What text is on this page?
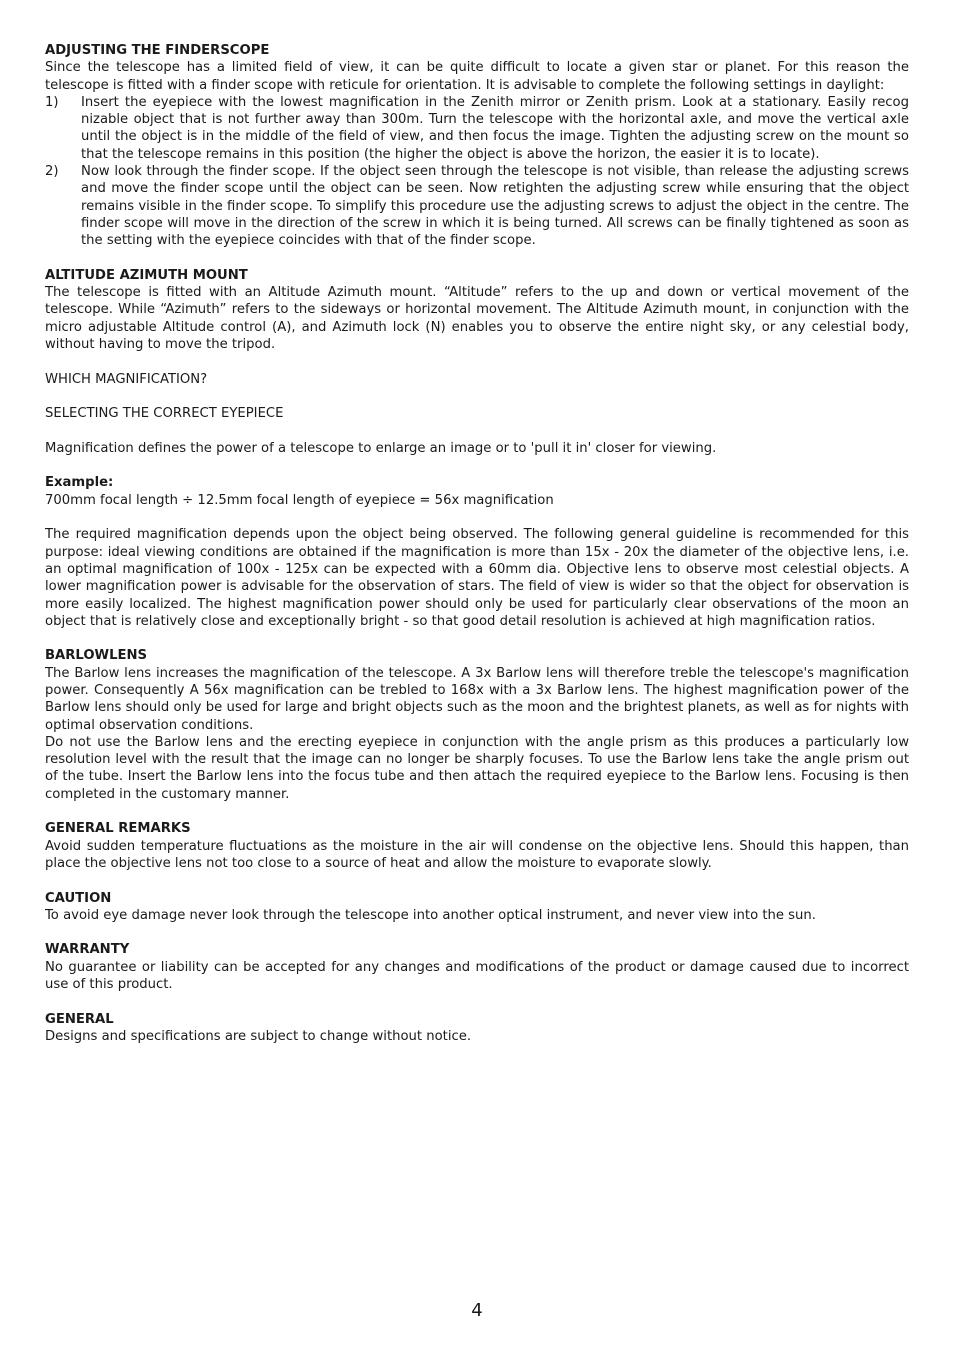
ADJUSTING THE FINDERSCOPE
Since the telescope has a limited field of view, it can be quite difficult to locate a given star or planet. For this reason the telescope is fitted with a finder scope with reticule for orientation. It is advisable to complete the following settings in daylight:
1) Insert the eyepiece with the lowest magnification in the Zenith mirror or Zenith prism. Look at a stationary. Easily recog nizable object that is not further away than 300m. Turn the telescope with the horizontal axle, and move the vertical axle until the object is in the middle of the field of view, and then focus the image. Tighten the adjusting screw on the mount so that the telescope remains in this position (the higher the object is above the horizon, the easier it is to locate).
2) Now look through the finder scope. If the object seen through the telescope is not visible, than release the adjusting screws and move the finder scope until the object can be seen. Now retighten the adjusting screw while ensuring that the object remains visible in the finder scope. To simplify this procedure use the adjusting screws to adjust the object in the centre. The finder scope will move in the direction of the screw in which it is being turned. All screws can be finally tightened as soon as the setting with the eyepiece coincides with that of the finder scope.
ALTITUDE AZIMUTH MOUNT
The telescope is fitted with an Altitude Azimuth mount. “Altitude” refers to the up and down or vertical movement of the telescope. While “Azimuth” refers to the sideways or horizontal movement. The Altitude Azimuth mount, in conjunction with the micro adjustable Altitude control (A), and Azimuth lock (N) enables you to observe the entire night sky, or any celestial body, without having to move the tripod.
WHICH MAGNIFICATION?
SELECTING THE CORRECT EYEPIECE
Magnification defines the power of a telescope to enlarge an image or to 'pull it in' closer for viewing.
Example:
700mm focal length ÷ 12.5mm focal length of eyepiece = 56x magnification
The required magnification depends upon the object being observed. The following general guideline is recommended for this purpose: ideal viewing conditions are obtained if the magnification is more than 15x - 20x the diameter of the objective lens, i.e. an optimal magnification of 100x - 125x can be expected with a 60mm dia. Objective lens to observe most celestial objects. A lower magnification power is advisable for the observation of stars. The field of view is wider so that the object for observation is more easily localized. The highest magnification power should only be used for particularly clear observations of the moon an object that is relatively close and exceptionally bright - so that good detail resolution is achieved at high magnification ratios.
BARLOWLENS
The Barlow lens increases the magnification of the telescope. A 3x Barlow lens will therefore treble the telescope's magnification power. Consequently A 56x magnification can be trebled to 168x with a 3x Barlow lens. The highest magnification power of the Barlow lens should only be used for large and bright objects such as the moon and the brightest planets, as well as for nights with optimal observation conditions.
Do not use the Barlow lens and the erecting eyepiece in conjunction with the angle prism as this produces a particularly low resolution level with the result that the image can no longer be sharply focuses. To use the Barlow lens take the angle prism out of the tube. Insert the Barlow lens into the focus tube and then attach the required eyepiece to the Barlow lens. Focusing is then completed in the customary manner.
GENERAL REMARKS
Avoid sudden temperature fluctuations as the moisture in the air will condense on the objective lens. Should this happen, than place the objective lens not too close to a source of heat and allow the moisture to evaporate slowly.
CAUTION
To avoid eye damage never look through the telescope into another optical instrument, and never view into the sun.
WARRANTY
No guarantee or liability can be accepted for any changes and modifications of the product or damage caused due to incorrect use of this product.
GENERAL
Designs and specifications are subject to change without notice.
4
